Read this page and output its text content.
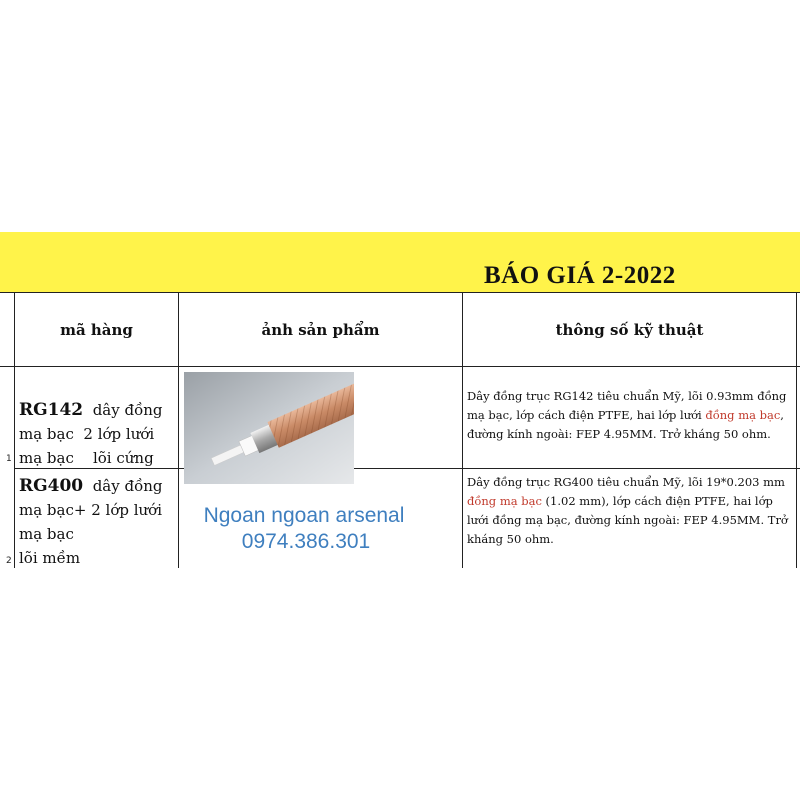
BÁO GIÁ 2-2022
mã hàng	ảnh sản phẩm	thông số kỹ thuật
1
RG142 dây đồng
mạ bạc  2 lớp lưới
mạ bạc    lõi cứng
Dây đồng trục RG142 tiêu chuẩn Mỹ, lõi 0.93mm đồng mạ bạc, lớp cách điện PTFE, hai lớp lưới đồng mạ bạc, đường kính ngoài: FEP 4.95MM. Trở kháng 50 ohm.
2
RG400 dây đồng
mạ bạc+ 2 lớp lưới
mạ bạc
lõi mềm
Ngoan ngoan arsenal
0974.386.301
Dây đồng trục RG400 tiêu chuẩn Mỹ, lõi 19*0.203 mm đồng mạ bạc (1.02 mm), lớp cách điện PTFE, hai lớp lưới đồng mạ bạc, đường kính ngoài: FEP 4.95MM. Trở kháng 50 ohm.
